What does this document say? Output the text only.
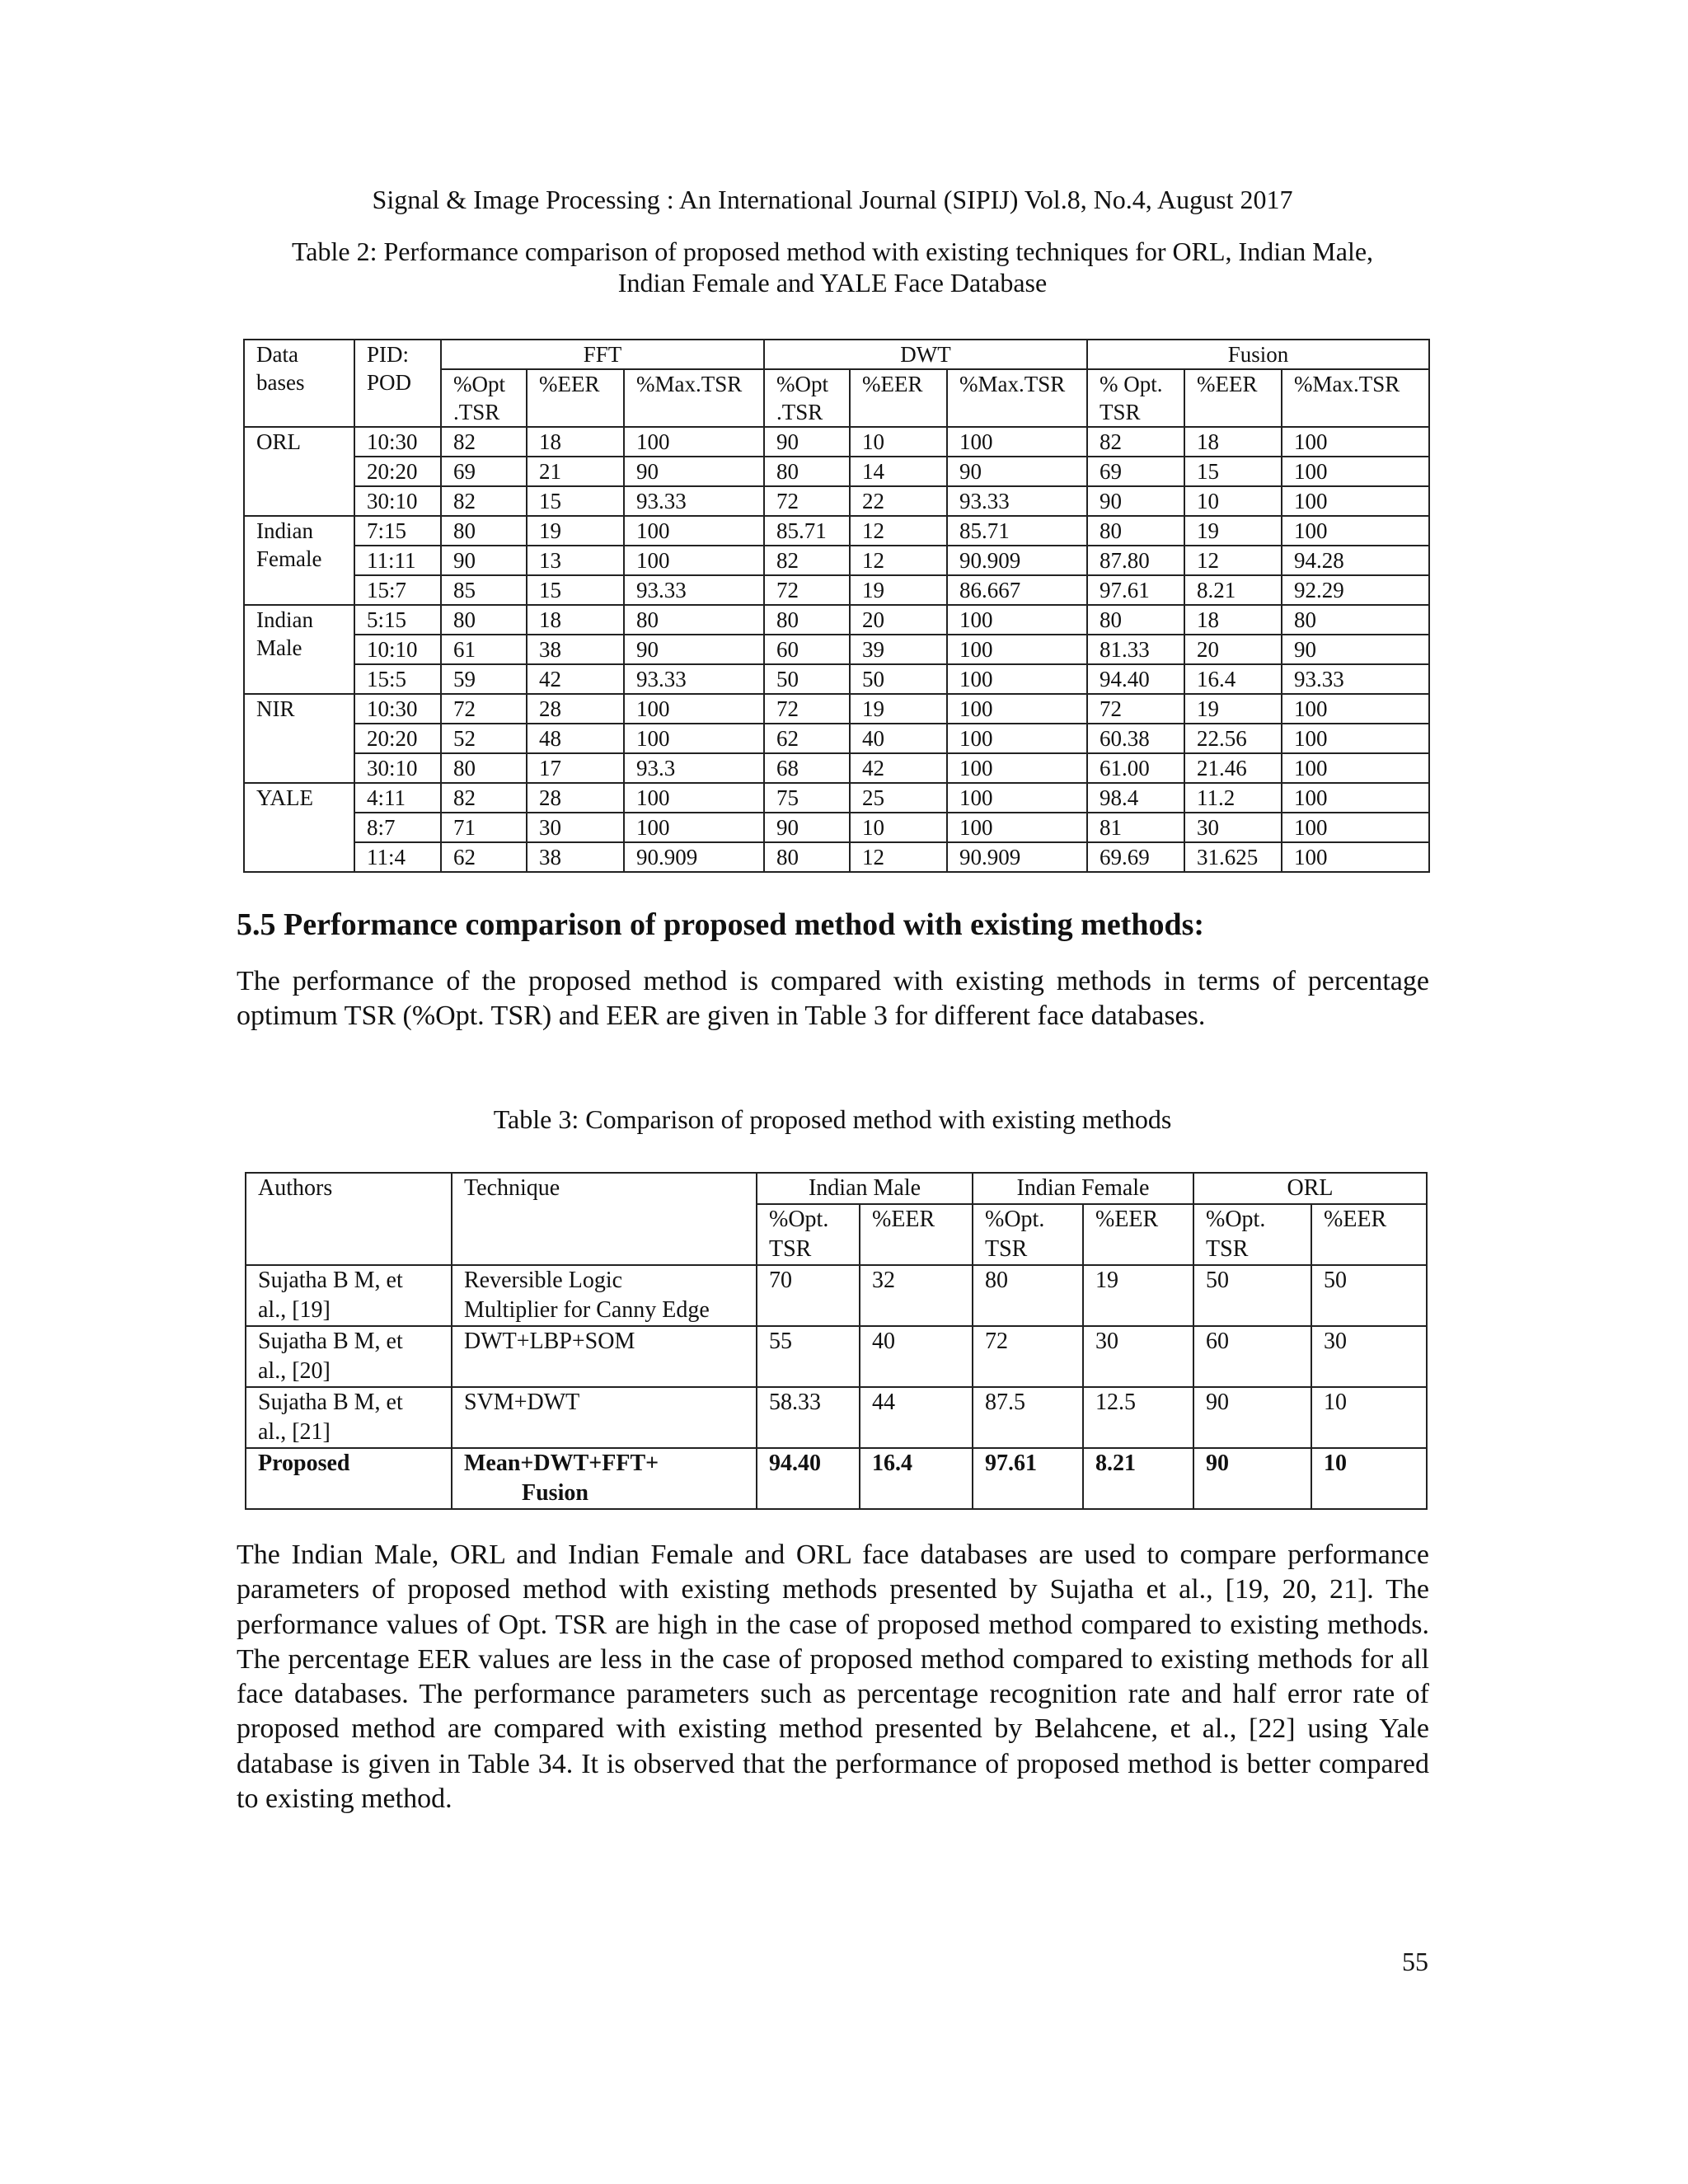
Signal & Image Processing : An International Journal (SIPIJ) Vol.8, No.4, August 2017
Table 2: Performance comparison of proposed method with existing techniques for ORL, Indian Male,
Indian Female and YALE Face Database
Data
bases	PID:
POD	FFT			DWT			Fusion		

		%Opt
.TSR	%EER	%Max.TSR	%Opt
.TSR	%EER	%Max.TSR	% Opt.
TSR	%EER	%Max.TSR

ORL	10:30	82	18	100	90	10	100	82	18	100
	20:20	69	21	90	80	14	90	69	15	100
	30:10	82	15	93.33	72	22	93.33	90	10	100

Indian
Female	7:15	80	19	100	85.71	12	85.71	80	19	100
	11:11	90	13	100	82	12	90.909	87.80	12	94.28
	15:7	85	15	93.33	72	19	86.667	97.61	8.21	92.29

Indian
Male	5:15	80	18	80	80	20	100	80	18	80
	10:10	61	38	90	60	39	100	81.33	20	90
	15:5	59	42	93.33	50	50	100	94.40	16.4	93.33

NIR	10:30	72	28	100	72	19	100	72	19	100
	20:20	52	48	100	62	40	100	60.38	22.56	100
	30:10	80	17	93.3	68	42	100	61.00	21.46	100

YALE	4:11	82	28	100	75	25	100	98.4	11.2	100
	8:7	71	30	100	90	10	100	81	30	100
	11:4	62	38	90.909	80	12	90.909	69.69	31.625	100
5.5 Performance comparison of proposed method with existing methods:
The performance of the proposed method is compared with existing methods in terms of percentage optimum TSR (%Opt. TSR) and EER are given in Table 3 for different face databases.
Table 3: Comparison of proposed method with existing methods
Authors	Technique	Indian Male		Indian Female		ORL	

		%Opt.
TSR	%EER	%Opt.
TSR	%EER	%Opt.
TSR	%EER

Sujatha B M, et
al., [19]	Reversible Logic
Multiplier for Canny Edge	70	32	80	19	50	50

Sujatha B M, et
al., [20]	DWT+LBP+SOM	55	40	72	30	60	30

Sujatha B M, et
al., [21]	SVM+DWT	58.33	44	87.5	12.5	90	10

Proposed	Mean+DWT+FFT+
Fusion	94.40	16.4	97.61	8.21	90	10
The Indian Male, ORL and Indian Female and ORL face databases are used to compare performance parameters of proposed method with existing methods presented by Sujatha et al., [19, 20, 21]. The performance values of Opt. TSR are high in the case of proposed method compared to existing methods. The percentage EER values are less in the case of proposed method compared to existing methods for all face databases. The performance parameters such as percentage recognition rate and half error rate of proposed method are compared with existing method presented by Belahcene, et al., [22] using Yale database is given in Table 34. It is observed that the performance of proposed method is better compared to existing method.
55
